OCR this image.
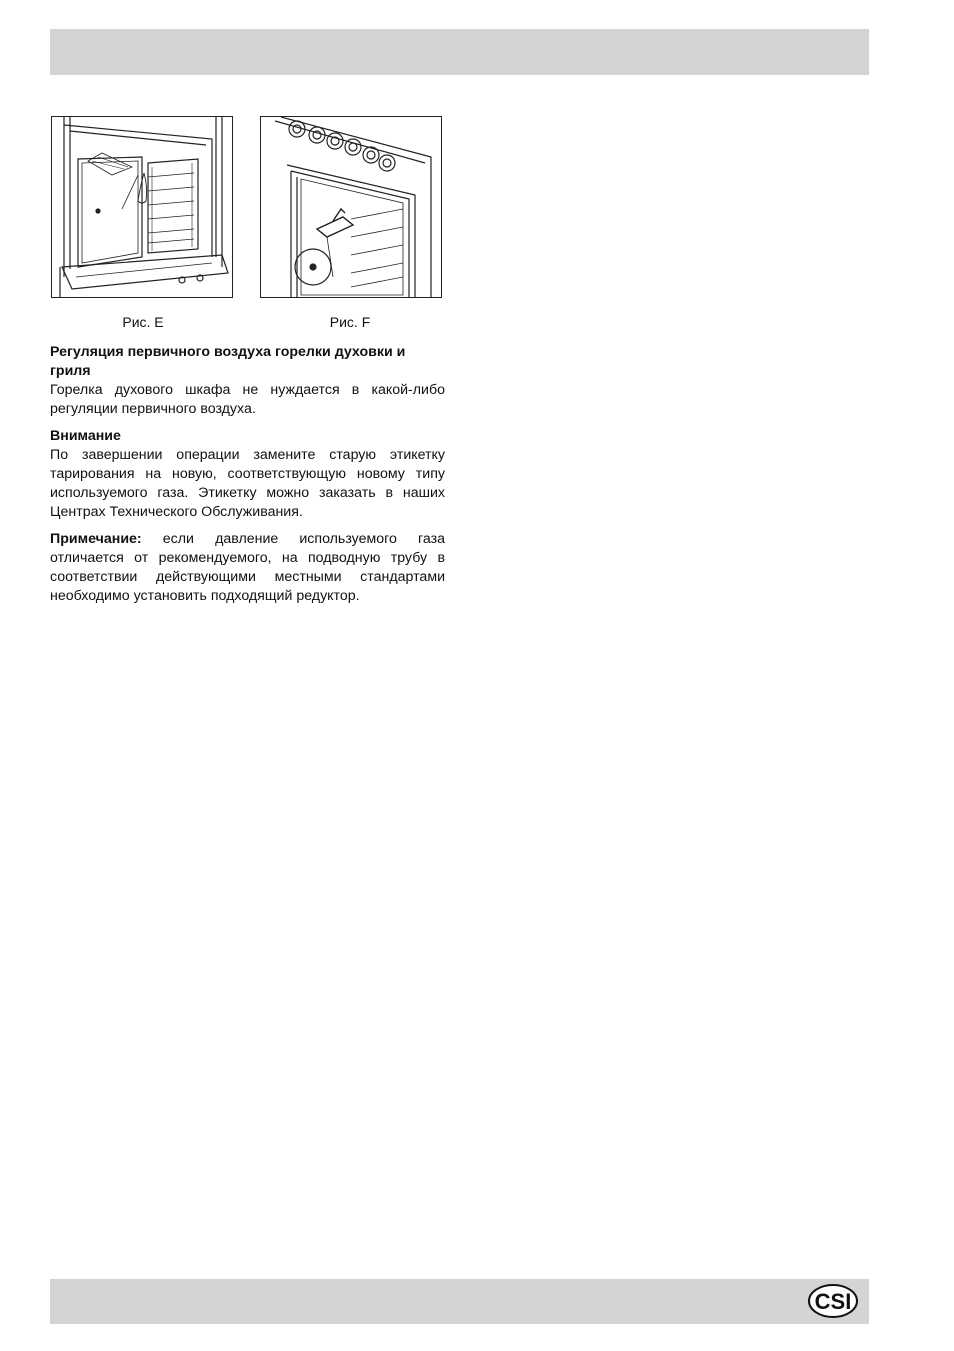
Рис. E	Рис. F
Регуляция первичного воздуха горелки духовки и гриля

Горелка духового шкафа не нуждается в какой-либо регуляции первичного воздуха.

Внимание

По завершении операции замените старую этикетку тарирования на новую, соответствующую новому типу используемого газа. Этикетку можно заказать в наших Центрах Технического Обслуживания.

Примечание: если давление используемого газа отличается от рекомендуемого, на подводную трубу в соответствии действующими местными стандартами необходимо установить подходящий редуктор.

CSI
